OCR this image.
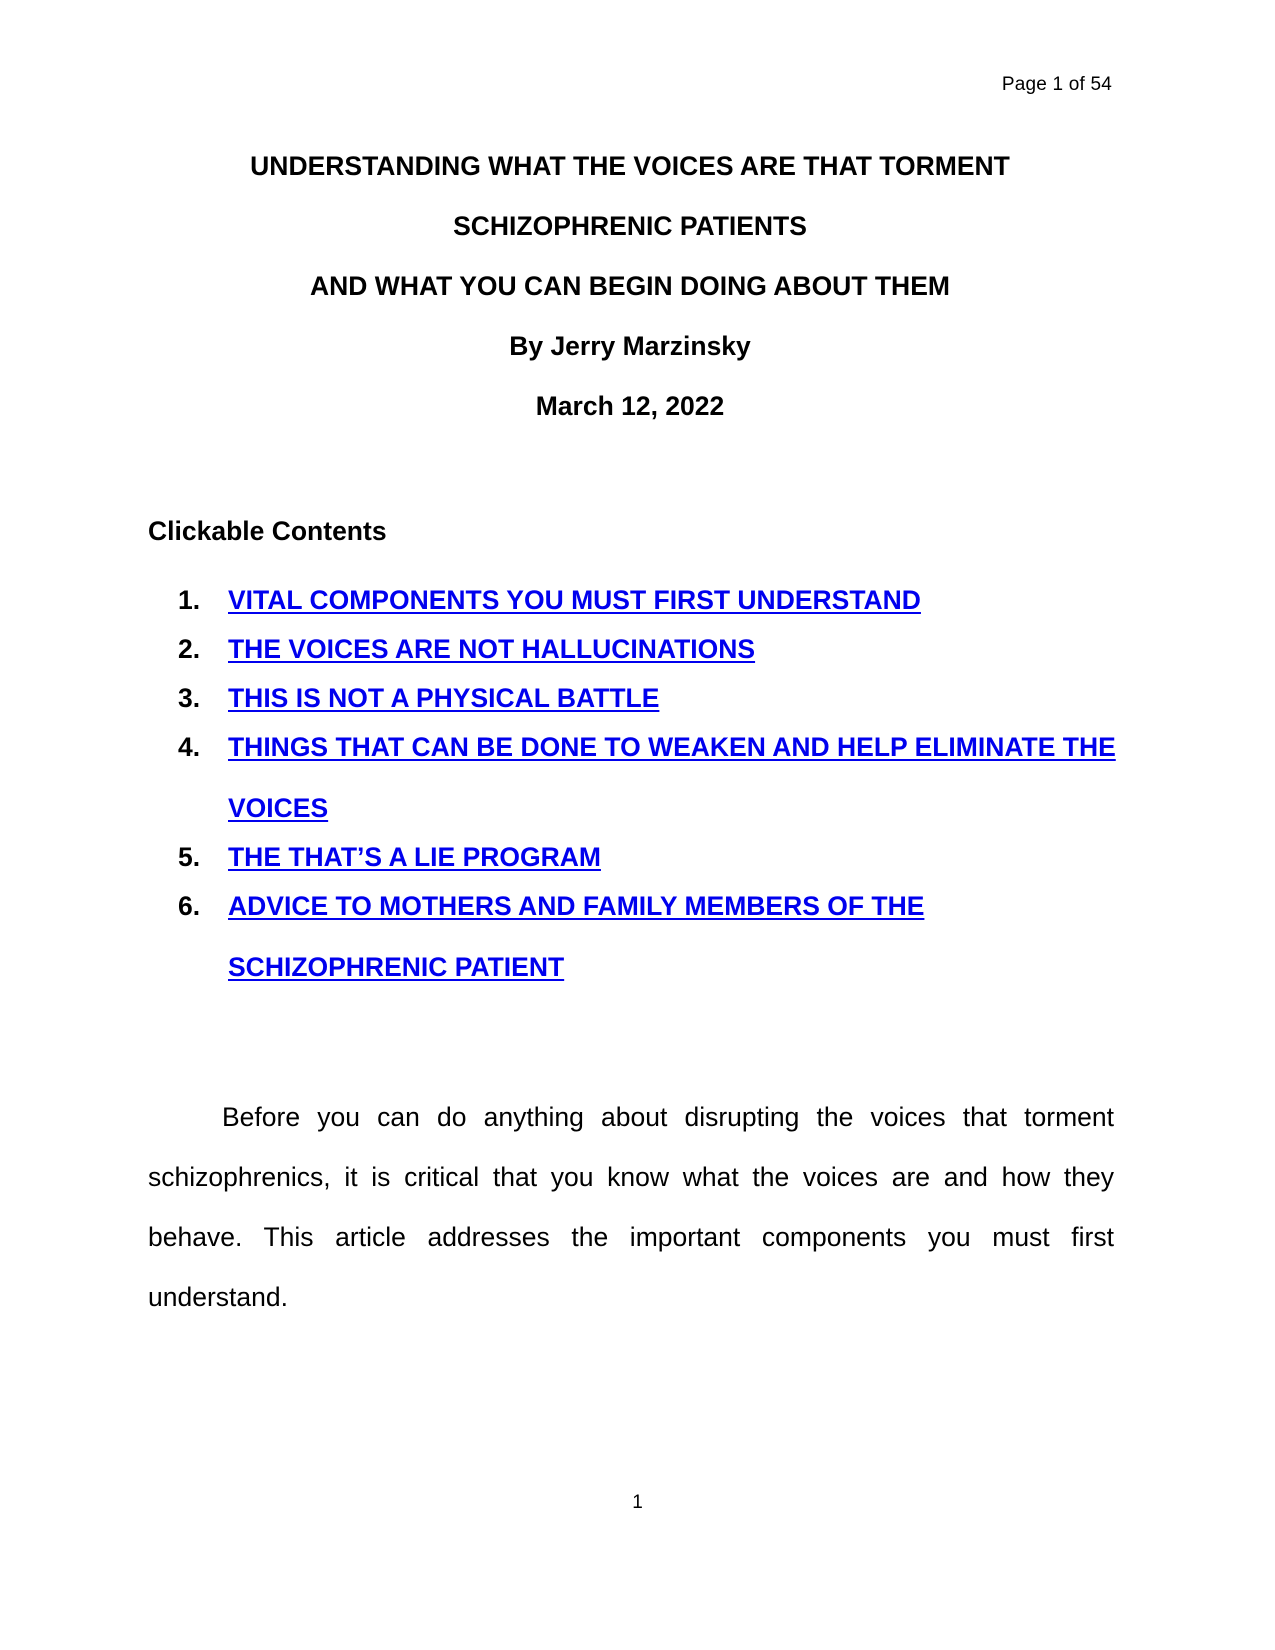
Page 1 of 54
UNDERSTANDING WHAT THE VOICES ARE THAT TORMENT
SCHIZOPHRENIC PATIENTS
AND WHAT YOU CAN BEGIN DOING ABOUT THEM
By Jerry Marzinsky
March 12, 2022
Clickable Contents
1. VITAL COMPONENTS YOU MUST FIRST UNDERSTAND
2. THE VOICES ARE NOT HALLUCINATIONS
3. THIS IS NOT A PHYSICAL BATTLE
4. THINGS THAT CAN BE DONE TO WEAKEN AND HELP ELIMINATE THE VOICES
5. THE THAT’S A LIE PROGRAM
6. ADVICE TO MOTHERS AND FAMILY MEMBERS OF THE SCHIZOPHRENIC PATIENT

Before you can do anything about disrupting the voices that torment schizophrenics, it is critical that you know what the voices are and how they behave. This article addresses the important components you must first understand.

1
